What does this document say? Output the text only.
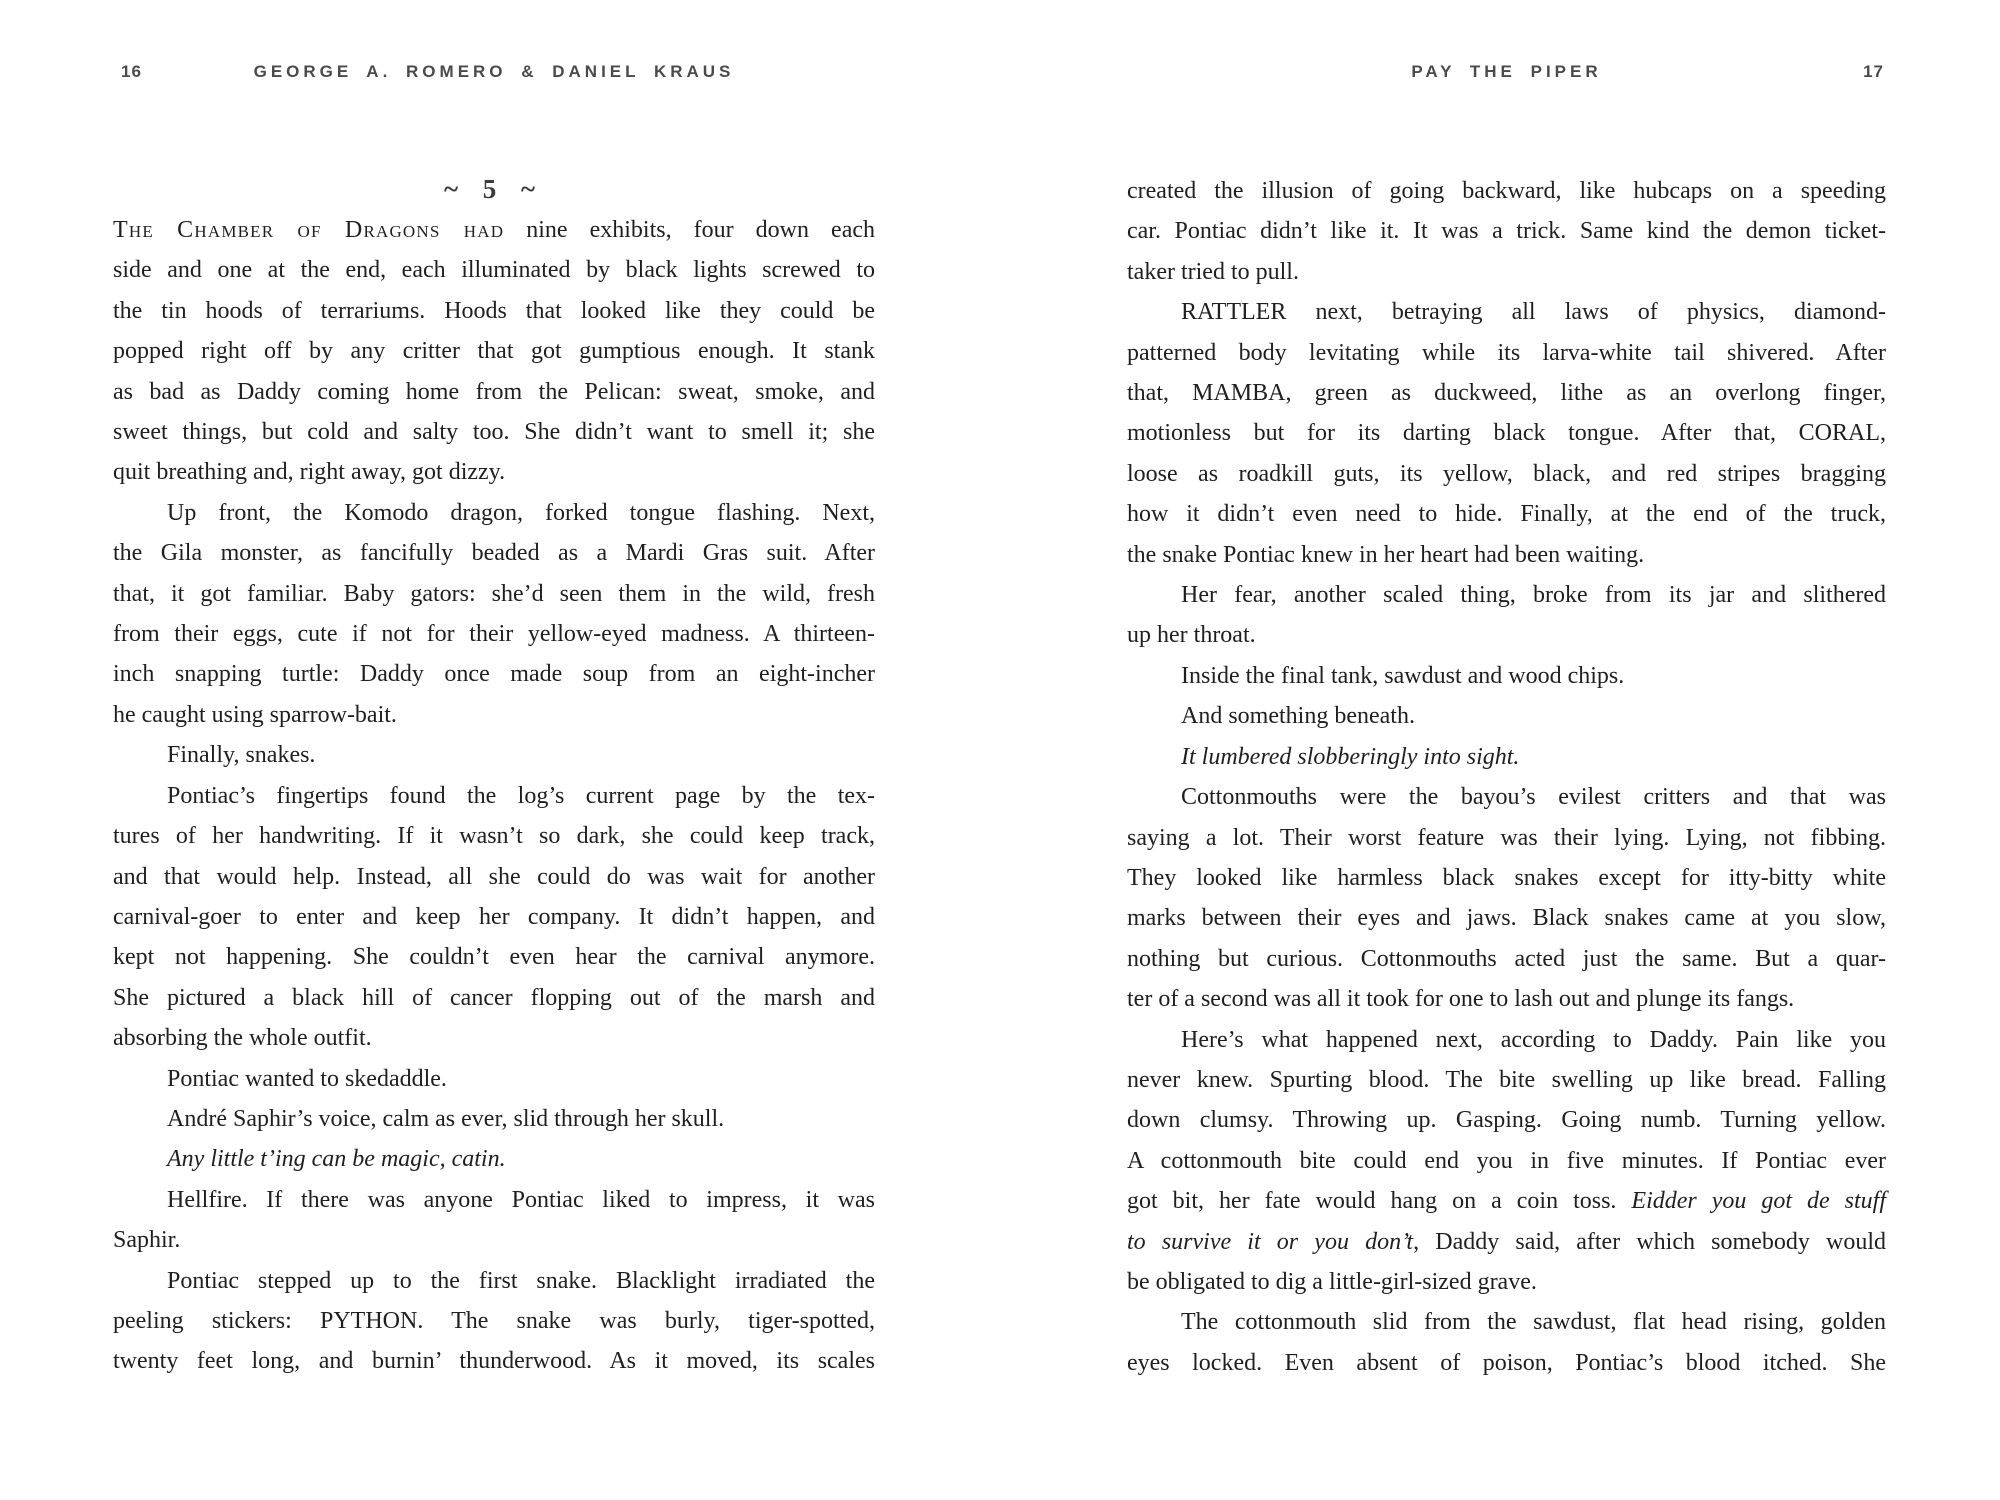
16	GEORGE A. ROMERO & DANIEL KRAUS	PAY THE PIPER	17
~ 5 ~
The Chamber of Dragons had nine exhibits, four down each
side and one at the end, each illuminated by black lights screwed to
the tin hoods of terrariums. Hoods that looked like they could be
popped right off by any critter that got gumptious enough. It stank
as bad as Daddy coming home from the Pelican: sweat, smoke, and
sweet things, but cold and salty too. She didn’t want to smell it; she
quit breathing and, right away, got dizzy.
Up front, the Komodo dragon, forked tongue flashing. Next,
the Gila monster, as fancifully beaded as a Mardi Gras suit. After
that, it got familiar. Baby gators: she’d seen them in the wild, fresh
from their eggs, cute if not for their yellow-eyed madness. A thirteen-
inch snapping turtle: Daddy once made soup from an eight-incher
he caught using sparrow-bait.
Finally, snakes.
Pontiac’s fingertips found the log’s current page by the tex-
tures of her handwriting. If it wasn’t so dark, she could keep track,
and that would help. Instead, all she could do was wait for another
carnival-goer to enter and keep her company. It didn’t happen, and
kept not happening. She couldn’t even hear the carnival anymore.
She pictured a black hill of cancer flopping out of the marsh and
absorbing the whole outfit.
Pontiac wanted to skedaddle.
André Saphir’s voice, calm as ever, slid through her skull.
Any little t’ing can be magic, catin.
Hellfire. If there was anyone Pontiac liked to impress, it was
Saphir.
Pontiac stepped up to the first snake. Blacklight irradiated the
peeling stickers: PYTHON. The snake was burly, tiger-spotted,
twenty feet long, and burnin’ thunderwood. As it moved, its scales
created the illusion of going backward, like hubcaps on a speeding
car. Pontiac didn’t like it. It was a trick. Same kind the demon ticket-
taker tried to pull.
RATTLER next, betraying all laws of physics, diamond-
patterned body levitating while its larva-white tail shivered. After
that, MAMBA, green as duckweed, lithe as an overlong finger,
motionless but for its darting black tongue. After that, CORAL,
loose as roadkill guts, its yellow, black, and red stripes bragging
how it didn’t even need to hide. Finally, at the end of the truck,
the snake Pontiac knew in her heart had been waiting.
Her fear, another scaled thing, broke from its jar and slithered
up her throat.
Inside the final tank, sawdust and wood chips.
And something beneath.
It lumbered slobberingly into sight.
Cottonmouths were the bayou’s evilest critters and that was
saying a lot. Their worst feature was their lying. Lying, not fibbing.
They looked like harmless black snakes except for itty-bitty white
marks between their eyes and jaws. Black snakes came at you slow,
nothing but curious. Cottonmouths acted just the same. But a quar-
ter of a second was all it took for one to lash out and plunge its fangs.
Here’s what happened next, according to Daddy. Pain like you
never knew. Spurting blood. The bite swelling up like bread. Falling
down clumsy. Throwing up. Gasping. Going numb. Turning yellow.
A cottonmouth bite could end you in five minutes. If Pontiac ever
got bit, her fate would hang on a coin toss. Eidder you got de stuff
to survive it or you don’t, Daddy said, after which somebody would
be obligated to dig a little-girl-sized grave.
The cottonmouth slid from the sawdust, flat head rising, golden
eyes locked. Even absent of poison, Pontiac’s blood itched. She
